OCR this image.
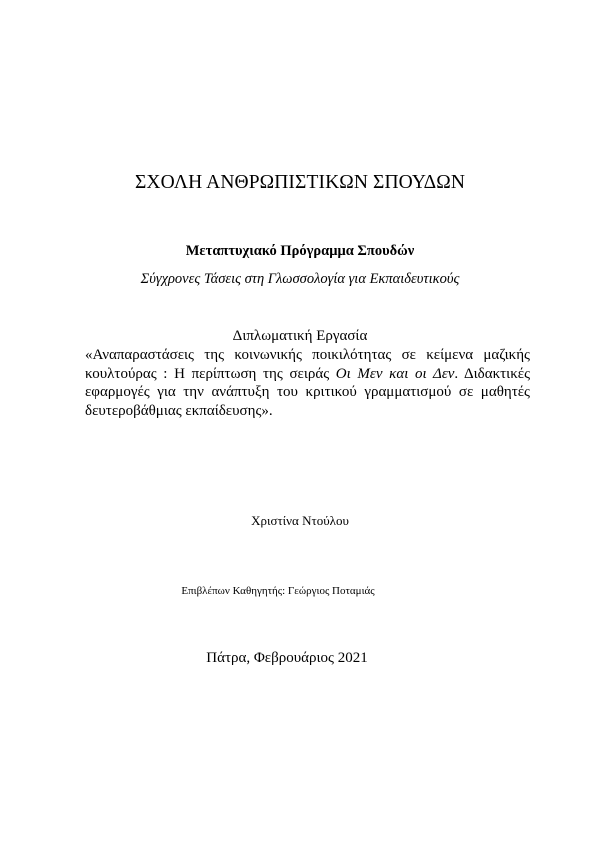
ΣΧΟΛΗ ΑΝΘΡΩΠΙΣΤΙΚΩΝ ΣΠΟΥΔΩΝ

Μεταπτυχιακό Πρόγραμμα Σπουδών

Σύγχρονες Τάσεις στη Γλωσσολογία για Εκπαιδευτικούς

Διπλωματική Εργασία

«Αναπαραστάσεις της κοινωνικής ποικιλότητας σε κείμενα μαζικής
κουλτούρας : Η περίπτωση της σειράς Οι Μεν και οι Δεν. Διδακτικές
εφαρμογές για την ανάπτυξη του κριτικού γραμματισμού σε μαθητές
δευτεροβάθμιας εκπαίδευσης».

Χριστίνα Ντούλου

Επιβλέπων Καθηγητής: Γεώργιος Ποταμιάς

Πάτρα, Φεβρουάριος 2021
